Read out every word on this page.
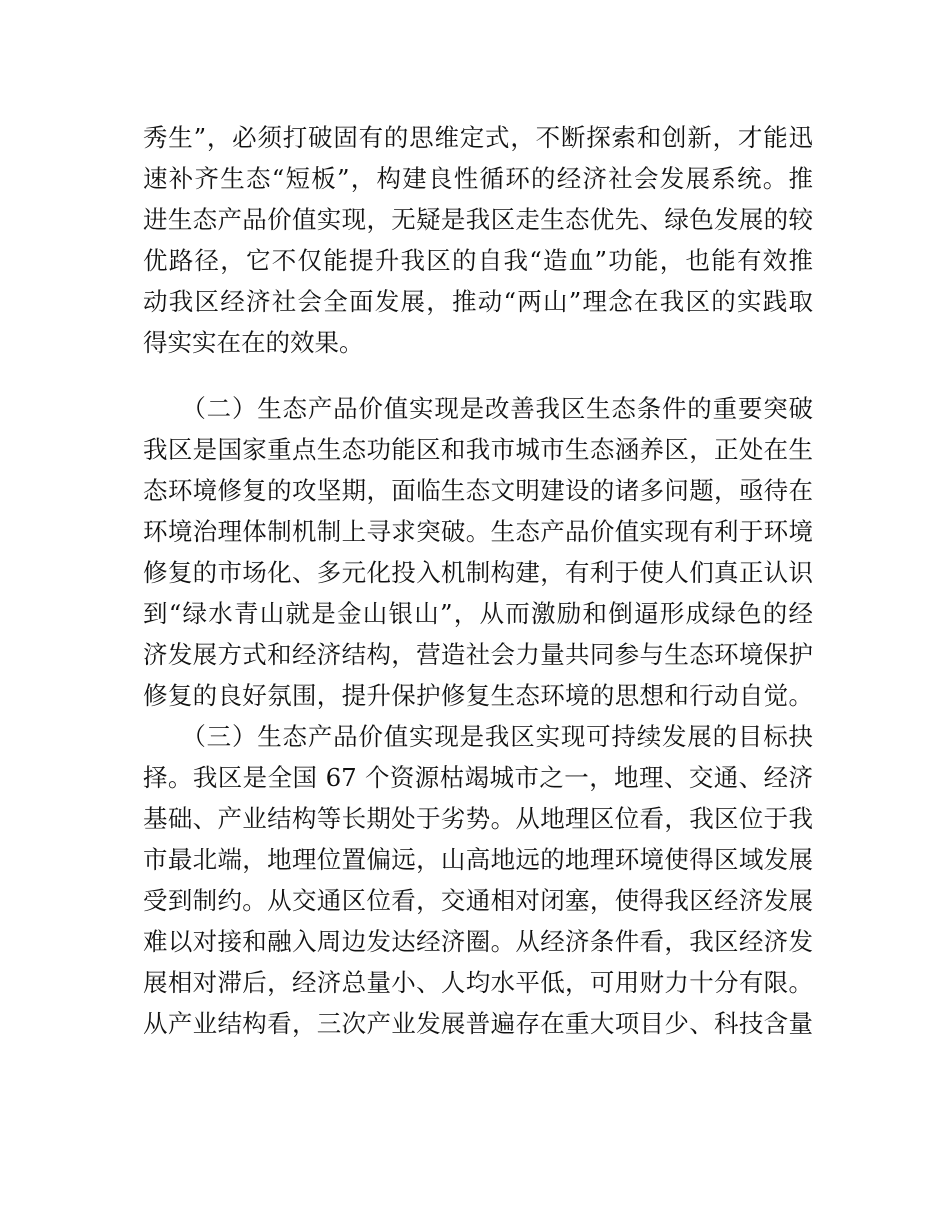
秀生”，必须打破固有的思维定式，不断探索和创新，才能迅
速补齐生态“短板”，构建良性循环的经济社会发展系统。推
进生态产品价值实现，无疑是我区走生态优先、绿色发展的较
优路径，它不仅能提升我区的自我“造血”功能，也能有效推
动我区经济社会全面发展，推动“两山”理念在我区的实践取
得实实在在的效果。
　　（二）生态产品价值实现是改善我区生态条件的重要突破
我区是国家重点生态功能区和我市城市生态涵养区，正处在生
态环境修复的攻坚期，面临生态文明建设的诸多问题，亟待在
环境治理体制机制上寻求突破。生态产品价值实现有利于环境
修复的市场化、多元化投入机制构建，有利于使人们真正认识
到“绿水青山就是金山银山”，从而激励和倒逼形成绿色的经
济发展方式和经济结构，营造社会力量共同参与生态环境保护
修复的良好氛围，提升保护修复生态环境的思想和行动自觉。
　　（三）生态产品价值实现是我区实现可持续发展的目标抉
择。我区是全国 67 个资源枯竭城市之一，地理、交通、经济
基础、产业结构等长期处于劣势。从地理区位看，我区位于我
市最北端，地理位置偏远，山高地远的地理环境使得区域发展
受到制约。从交通区位看，交通相对闭塞，使得我区经济发展
难以对接和融入周边发达经济圈。从经济条件看，我区经济发
展相对滞后，经济总量小、人均水平低，可用财力十分有限。
从产业结构看，三次产业发展普遍存在重大项目少、科技含量
